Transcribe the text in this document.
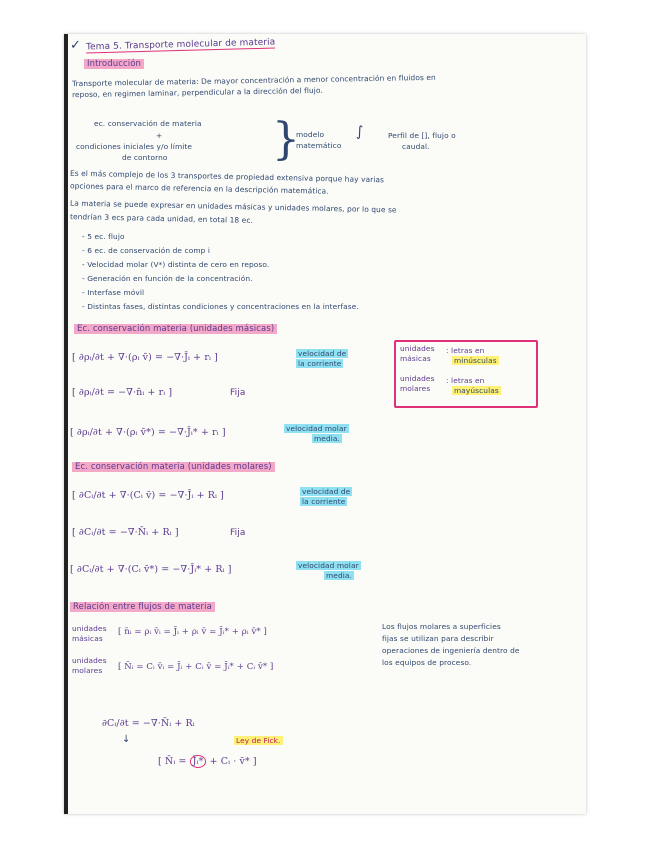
✓ Tema 5. Transporte molecular de materia
Introducción
Transporte molecular de materia: De mayor concentración a menor concentración en fluidos en
reposo, en regimen laminar, perpendicular a la dirección del flujo.
ec. conservación de materia
+
condiciones iniciales y/o límite
de contorno }
modelo
matemático
∫	Perfil de [], flujo o
caudal.
Es el más complejo de los 3 transportes de propiedad extensiva porque hay varias
opciones para el marco de referencia en la descripción matemática.
La materia se puede expresar en unidades másicas y unidades molares, por lo que se
tendrían 3 ecs para cada unidad, en total 18 ec.
- 5 ec. flujo
- 6 ec. de conservación de comp i
- Velocidad molar (V*) distinta de cero en reposo.
- Generación en función de la concentración.
- Interfase móvil
- Distintas fases, distintas condiciones y concentraciones en la interfase.
Ec. conservación materia (unidades másicas)
[ ∂ρᵢ/∂t + ∇·(ρᵢ v̄) = −∇·J̄ᵢ + rᵢ ]	velocidad de
la corriente
[ ∂ρᵢ/∂t = −∇·n̄ᵢ + rᵢ ]	Fija
[ ∂ρᵢ/∂t + ∇·(ρᵢ v̄*) = −∇·J̄ᵢ* + rᵢ ]	velocidad molar
media.
unidades
másicas
: letras en
minúsculas
unidades
molares
: letras en
mayúsculas
Ec. conservación materia (unidades molares)
[ ∂Cᵢ/∂t + ∇·(Cᵢ v̄) = −∇·J̄ᵢ + Rᵢ ]	velocidad de
la corriente
[ ∂Cᵢ/∂t = −∇·N̄ᵢ + Rᵢ ]	Fija
[ ∂Cᵢ/∂t + ∇·(Cᵢ v̄*) = −∇·J̄ᵢ* + Rᵢ ]	velocidad molar
media.
Relación entre flujos de materia
unidades
másicas
[ n̄ᵢ = ρᵢ v̄ᵢ = J̄ᵢ + ρᵢ v̄ = J̄ᵢ* + ρᵢ v̄* ]
unidades
molares [ N̄ᵢ = Cᵢ v̄ᵢ = J̄ᵢ + Cᵢ v̄ = J̄ᵢ* + Cᵢ v̄* ]
Los flujos molares a superficies
fijas se utilizan para describir
operaciones de ingeniería dentro de
los equipos de proceso.
∂Cᵢ/∂t = −∇·N̄ᵢ + Rᵢ
↓
[ N̄ᵢ = J̄ᵢ* + Cᵢ · v̄* ]
Ley de Fick.
